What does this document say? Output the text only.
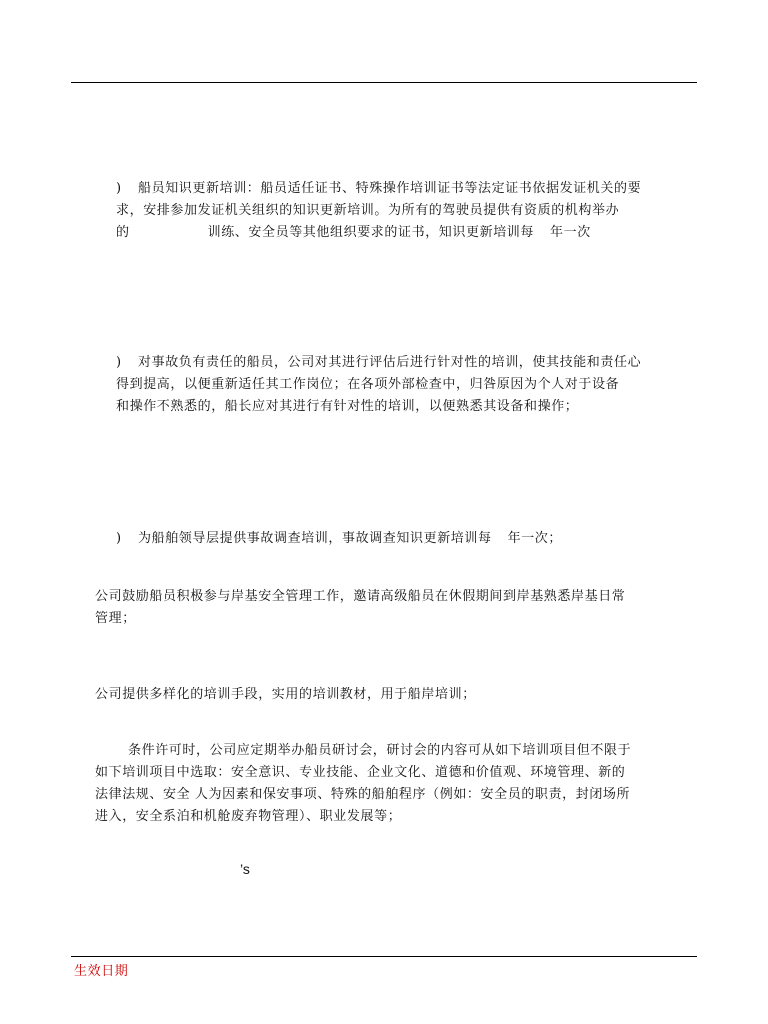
) 船员知识更新培训：船员适任证书、特殊操作培训证书等法定证书依据发证机关的要
求，安排参加发证机关组织的知识更新培训。为所有的驾驶员提供有资质的机构举办
的	训练、安全员等其他组织要求的证书，知识更新培训每 年一次
) 对事故负有责任的船员，公司对其进行评估后进行针对性的培训，使其技能和责任心
得到提高，以便重新适任其工作岗位；在各项外部检查中，归咎原因为个人对于设备
和操作不熟悉的，船长应对其进行有针对性的培训，以便熟悉其设备和操作；
) 为船舶领导层提供事故调查培训，事故调查知识更新培训每 年一次；
公司鼓励船员积极参与岸基安全管理工作，邀请高级船员在休假期间到岸基熟悉岸基日常
管理；
公司提供多样化的培训手段，实用的培训教材，用于船岸培训；
条件许可时，公司应定期举办船员研讨会，研讨会的内容可从如下培训项目但不限于
如下培训项目中选取：安全意识、专业技能、企业文化、道德和价值观、环境管理、新的
法律法规、安全 人为因素和保安事项、特殊的船舶程序（例如：安全员的职责，封闭场所
进入，安全系泊和机舱废弃物管理）、职业发展等；
’s
生效日期
